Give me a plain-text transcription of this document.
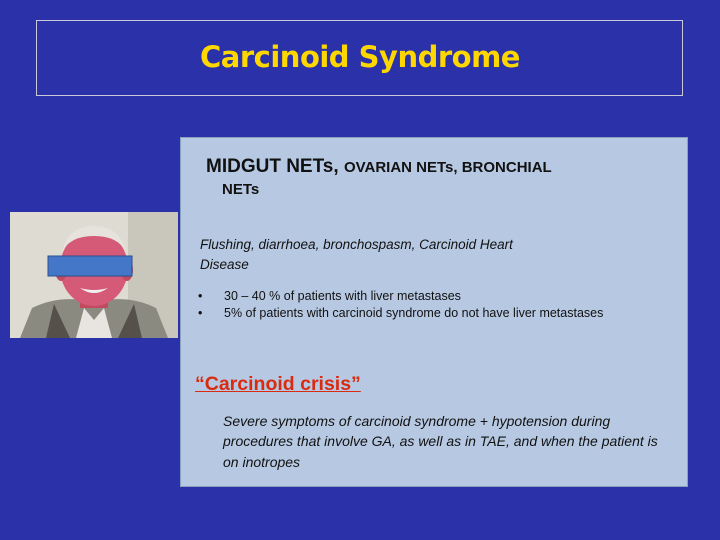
Carcinoid Syndrome
MIDGUT NETs, OVARIAN NETs, BRONCHIAL
NETs
Flushing, diarrhoea, bronchospasm, Carcinoid Heart Disease
• 30 – 40 % of patients with liver metastases
• 5% of patients with carcinoid syndrome do not have liver metastases
“Carcinoid crisis”
Severe symptoms of carcinoid syndrome + hypotension during procedures that involve GA, as well as in TAE, and when the patient is on inotropes
